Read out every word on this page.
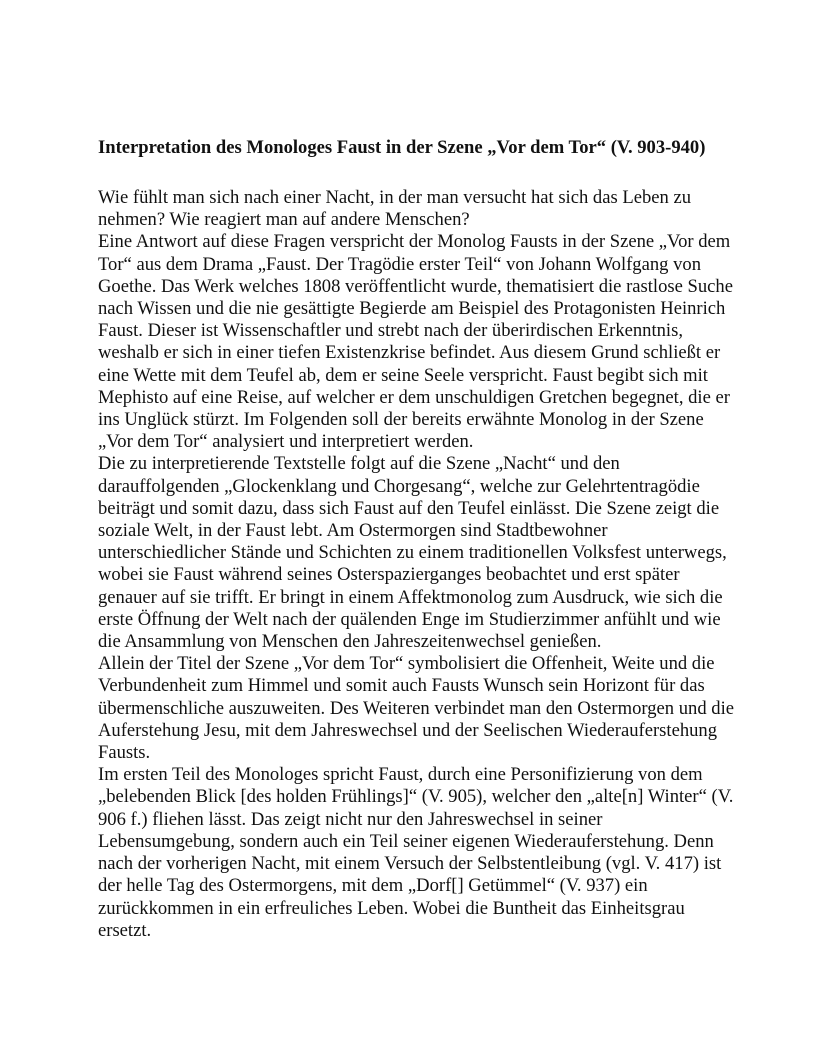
Interpretation des Monologes Faust in der Szene „Vor dem Tor“ (V. 903-940)

Wie fühlt man sich nach einer Nacht, in der man versucht hat sich das Leben zu nehmen? Wie reagiert man auf andere Menschen?

Eine Antwort auf diese Fragen verspricht der Monolog Fausts in der Szene „Vor dem Tor“ aus dem Drama „Faust. Der Tragödie erster Teil“ von Johann Wolfgang von Goethe. Das Werk welches 1808 veröffentlicht wurde, thematisiert die rastlose Suche nach Wissen und die nie gesättigte Begierde am Beispiel des Protagonisten Heinrich Faust. Dieser ist Wissenschaftler und strebt nach der überirdischen Erkenntnis, weshalb er sich in einer tiefen Existenzkrise befindet. Aus diesem Grund schließt er eine Wette mit dem Teufel ab, dem er seine Seele verspricht. Faust begibt sich mit Mephisto auf eine Reise, auf welcher er dem unschuldigen Gretchen begegnet, die er ins Unglück stürzt. Im Folgenden soll der bereits erwähnte Monolog in der Szene „Vor dem Tor“ analysiert und interpretiert werden.

Die zu interpretierende Textstelle folgt auf die Szene „Nacht“ und den darauffolgenden „Glockenklang und Chorgesang“, welche zur Gelehrtentragödie beiträgt und somit dazu, dass sich Faust auf den Teufel einlässt. Die Szene zeigt die soziale Welt, in der Faust lebt. Am Ostermorgen sind Stadtbewohner unterschiedlicher Stände und Schichten zu einem traditionellen Volksfest unterwegs, wobei sie Faust während seines Osterspazierganges beobachtet und erst später genauer auf sie trifft. Er bringt in einem Affektmonolog zum Ausdruck, wie sich die erste Öffnung der Welt nach der quälenden Enge im Studierzimmer anfühlt und wie die Ansammlung von Menschen den Jahreszeitenwechsel genießen.

Allein der Titel der Szene „Vor dem Tor“ symbolisiert die Offenheit, Weite und die Verbundenheit zum Himmel und somit auch Fausts Wunsch sein Horizont für das übermenschliche auszuweiten. Des Weiteren verbindet man den Ostermorgen und die Auferstehung Jesu, mit dem Jahreswechsel und der Seelischen Wiederauferstehung Fausts.

Im ersten Teil des Monologes spricht Faust, durch eine Personifizierung von dem „belebenden Blick [des holden Frühlings]“ (V. 905), welcher den „alte[n] Winter“ (V. 906 f.) fliehen lässt. Das zeigt nicht nur den Jahreswechsel in seiner Lebensumgebung, sondern auch ein Teil seiner eigenen Wiederauferstehung. Denn nach der vorherigen Nacht, mit einem Versuch der Selbstentleibung (vgl. V. 417) ist der helle Tag des Ostermorgens, mit dem „Dorf[] Getümmel“ (V. 937) ein zurückkommen in ein erfreuliches Leben. Wobei die Buntheit das Einheitsgrau ersetzt.
